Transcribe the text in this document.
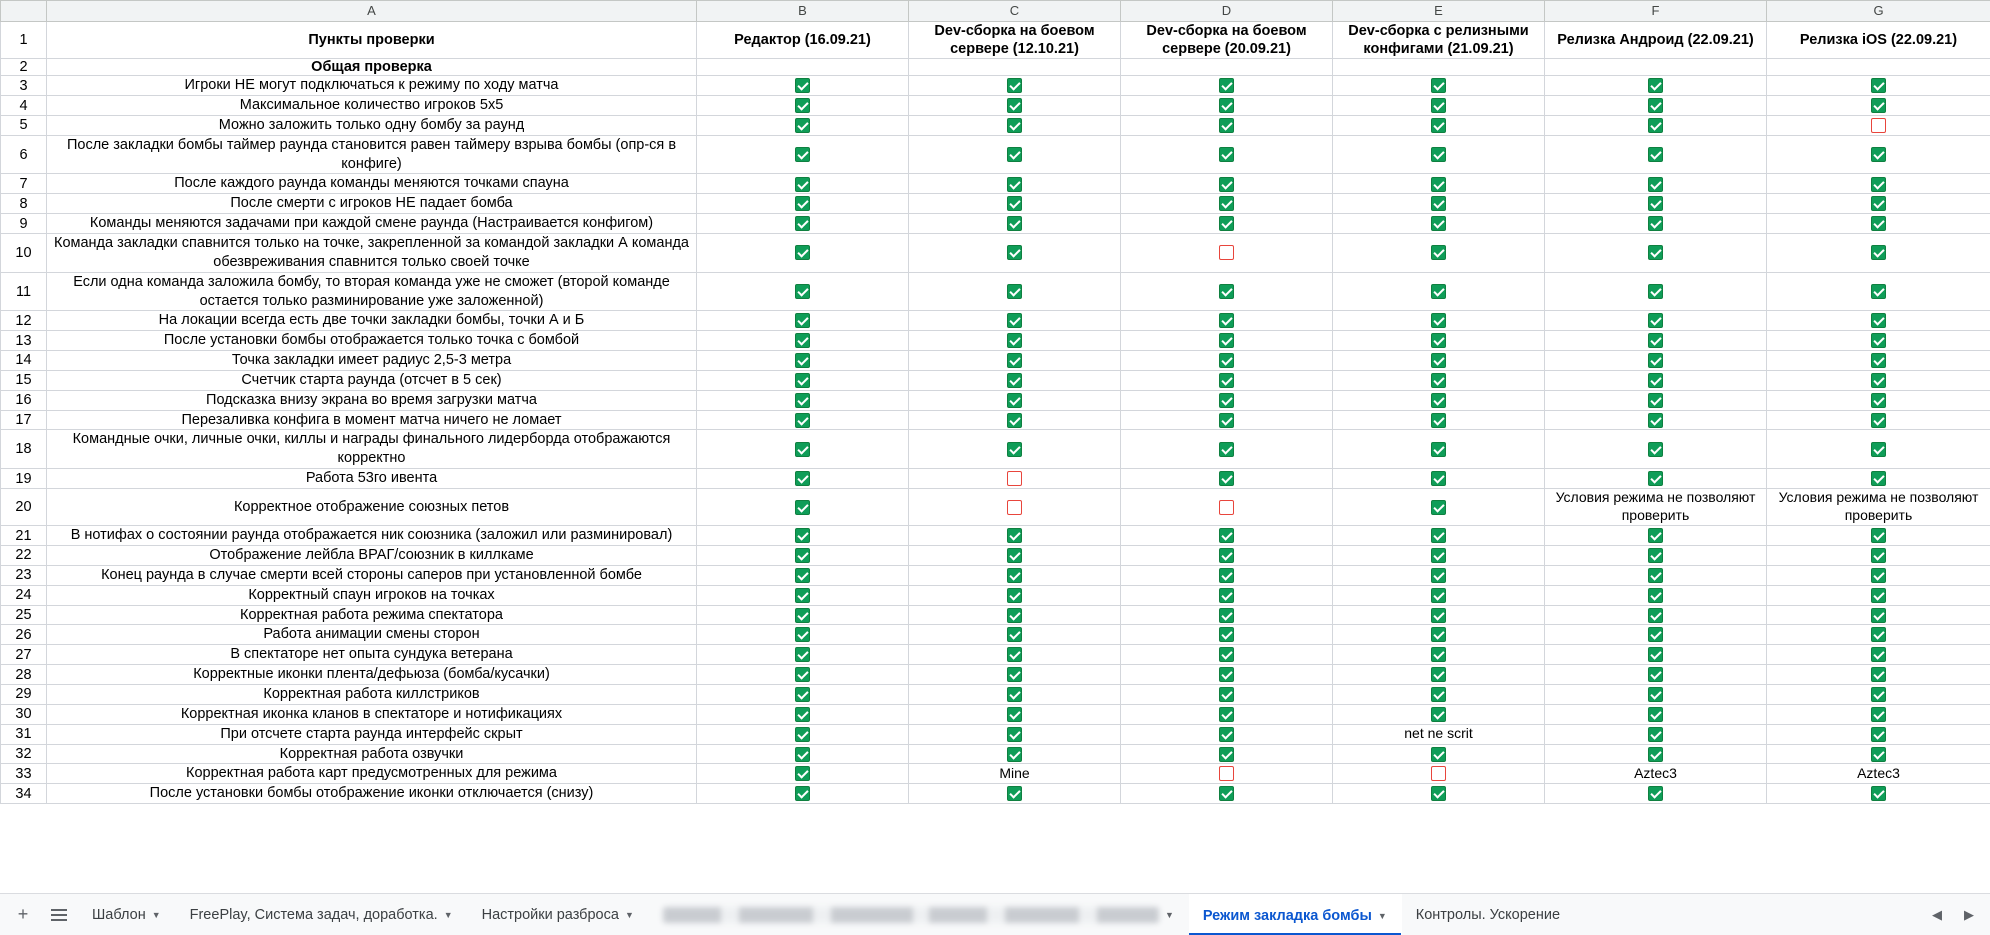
	A	B	C	D	E	F	G
1	Пункты проверки	Редактор (16.09.21)	Dev-сборка на боевом сервере (12.10.21)	Dev-сборка на боевом сервере (20.09.21)	Dev-сборка с релизными конфигами (21.09.21)	Релизка Андроид (22.09.21)	Релизка iOS (22.09.21)
2	Общая проверка						
3	Игроки НЕ могут подключаться к режиму по ходу матча						
4	Максимальное количество игроков 5х5						
5	Можно заложить только одну бомбу за раунд						
6	После закладки бомбы таймер раунда становится равен таймеру взрыва бомбы (опр-ся в конфиге)						
7	После каждого раунда команды меняются точками спауна						
8	После смерти с игроков НЕ падает бомба						
9	Команды меняются задачами при каждой смене раунда (Настраивается конфигом)						
10	Команда закладки спавнится только на точке, закрепленной за командой закладки А команда обезвреживания спавнится только своей точке						
11	Если одна команда заложила бомбу, то вторая команда уже не сможет (второй команде остается только разминирование уже заложенной)						
12	На локации всегда есть две точки закладки бомбы, точки А и Б						
13	После установки бомбы отображается только точка с бомбой						
14	Точка закладки имеет радиус 2,5-3 метра						
15	Счетчик старта раунда (отсчет в 5 сек)						
16	Подсказка внизу экрана во время загрузки матча						
17	Перезаливка конфига в момент матча ничего не ломает						
18	Командные очки, личные очки, киллы и награды финального лидерборда отображаются корректно						
19	Работа 53го ивента						
20	Корректное отображение союзных петов					Условия режима не позволяют проверить	Условия режима не позволяют проверить
21	В нотифах о состоянии раунда отображается ник союзника (заложил или разминировал)						
22	Отображение лейбла ВРАГ/союзник в киллкаме						
23	Конец раунда в случае смерти всей стороны саперов при установленной бомбе						
24	Корректный спаун игроков на точках						
25	Корректная работа режима спектатора						
26	Работа анимации смены сторон						
27	В спектаторе нет опыта сундука ветерана						
28	Корректные иконки плента/дефьюза (бомба/кусачки)						
29	Корректная работа киллстриков						
30	Корректная иконка кланов в спектаторе и нотификациях						
31	При отсчете старта раунда интерфейс скрыт				net ne scrit		
32	Корректная работа озвучки						
33	Корректная работа карт предусмотренных для режима		Mine			Aztec3	Aztec3
34	После установки бомбы отображение иконки отключается (снизу)						
+	Шаблон ▼ FreePlay, Система задач, доработка. ▼ Настройки разброса ▼	▼ Режим закладка бомбы ▼ Контролы. Ускорение	◀ ▶
